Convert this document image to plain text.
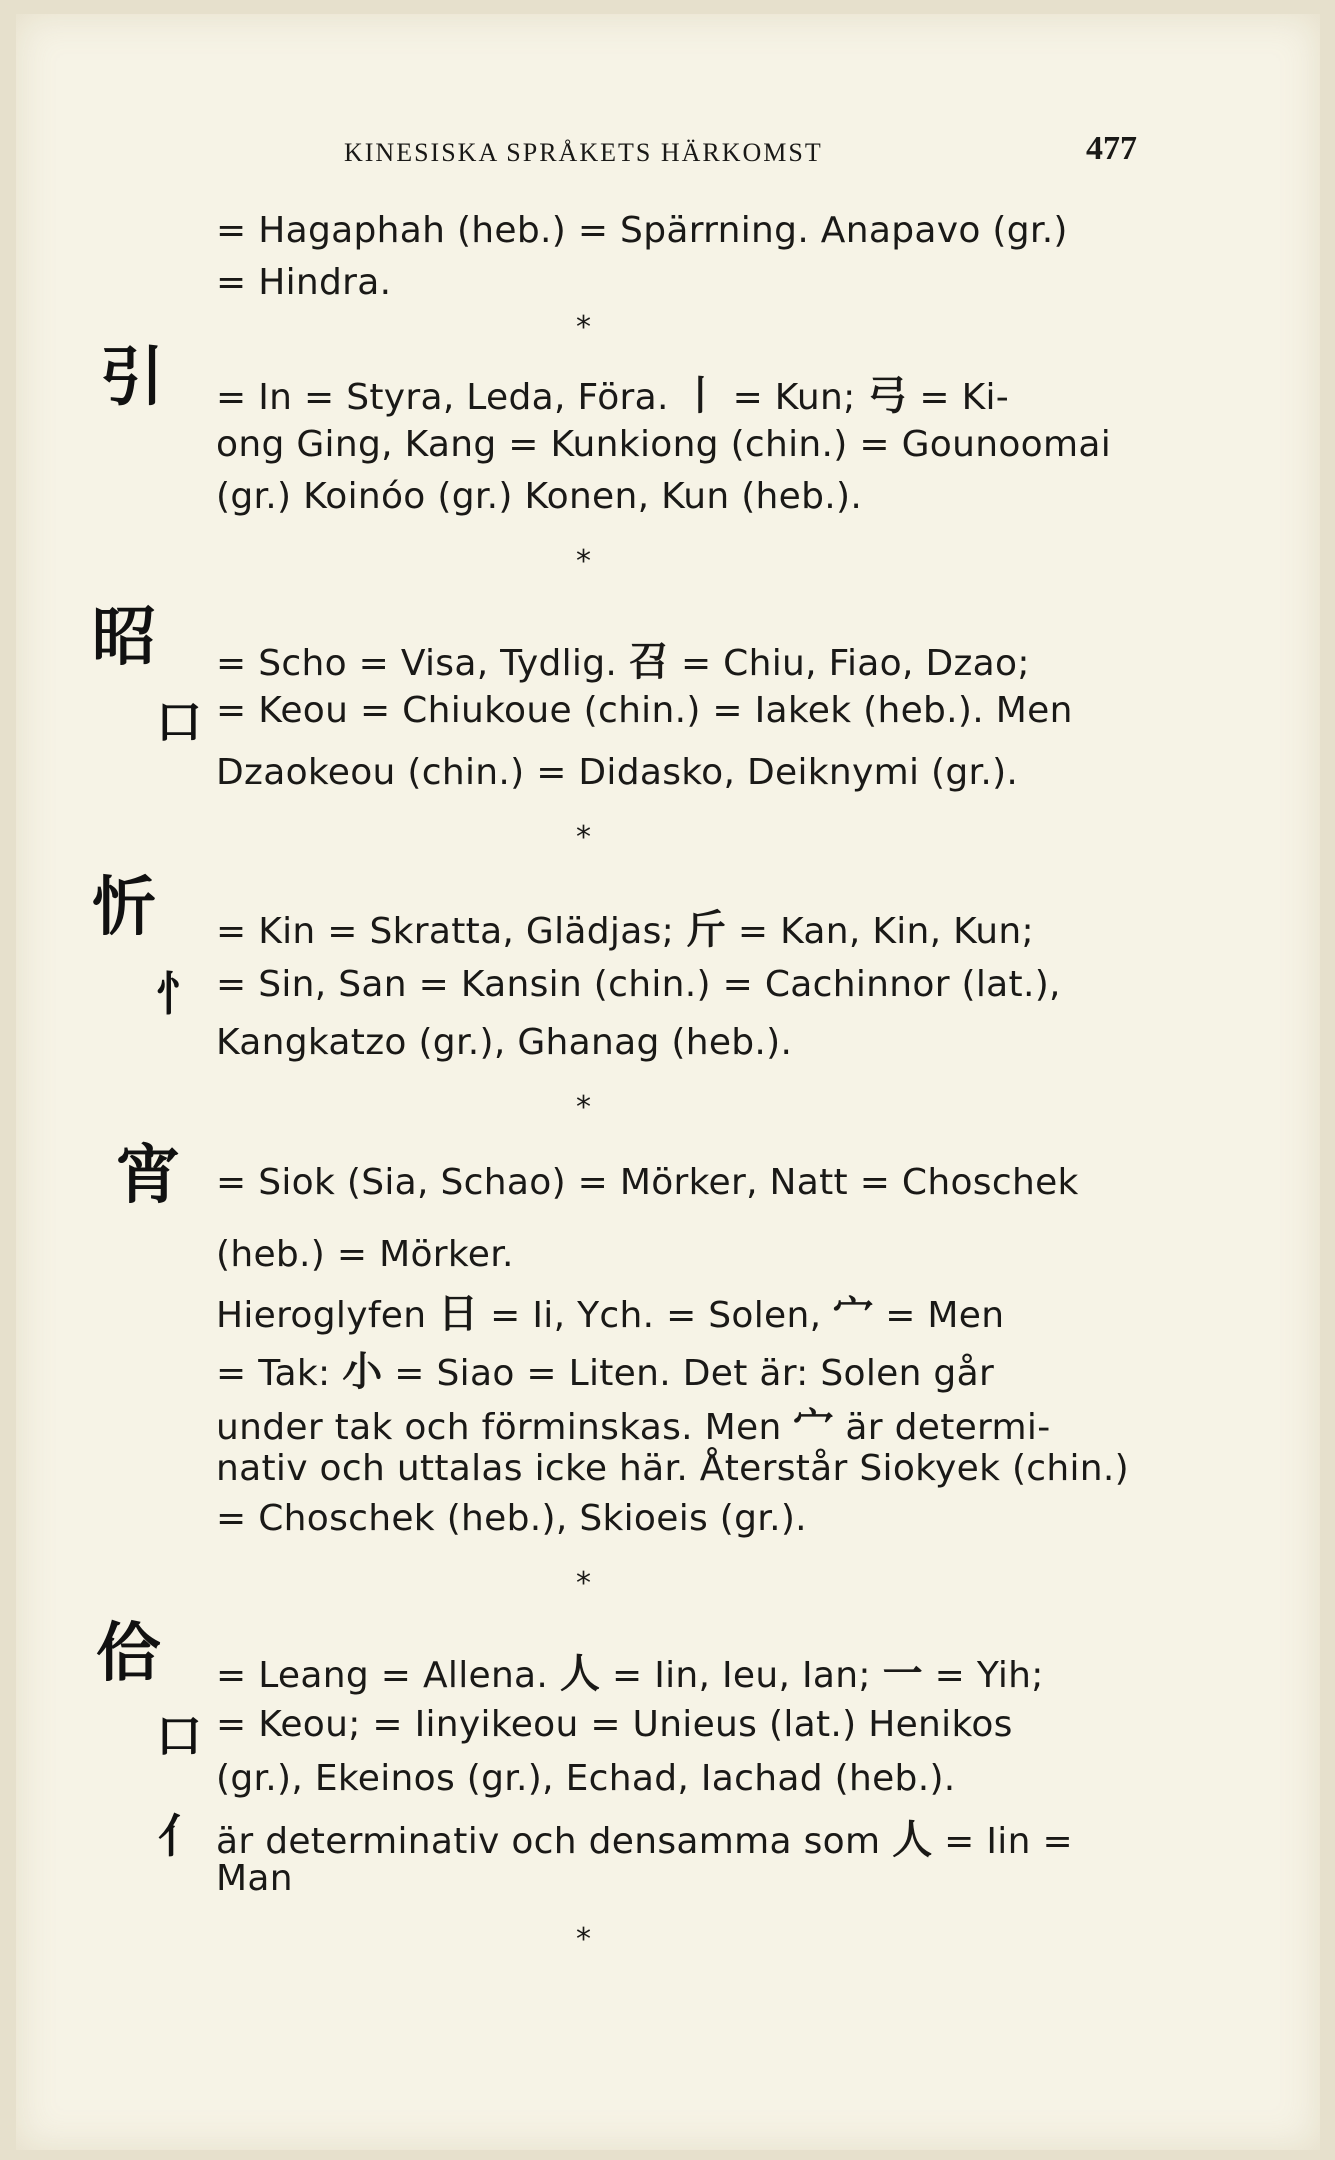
KINESISKA SPRÅKETS HÄRKOMST	477
= Hagaphah (heb.) = Spärrning. Anapavo (gr.)
= Hindra.
*
引 = In = Styra, Leda, Föra. 丨 = Kun; 弓 = Ki-
ong Ging, Kang = Kunkiong (chin.) = Gounoomai
(gr.) Koinóo (gr.) Konen, Kun (heb.).
*
昭 = Scho = Visa, Tydlig. 召 = Chiu, Fiao, Dzao;
口 = Keou = Chiukoue (chin.) = Iakek (heb.). Men
Dzaokeou (chin.) = Didasko, Deiknymi (gr.).
*
忻 = Kin = Skratta, Glädjas; 斤 = Kan, Kin, Kun;
忄 = Sin, San = Kansin (chin.) = Cachinnor (lat.),
Kangkatzo (gr.), Ghanag (heb.).
*
宵 = Siok (Sia, Schao) = Mörker, Natt = Choschek
(heb.) = Mörker.
Hieroglyfen 日 = Ii, Ych. = Solen, 宀 = Men
= Tak: 小 = Siao = Liten. Det är: Solen går
under tak och förminskas. Men 宀 är determi-
nativ och uttalas icke här. Återstår Siokyek (chin.)
= Choschek (heb.), Skioeis (gr.).
*
佮 = Leang = Allena. 人 = Iin, Ieu, Ian; 一 = Yih;
口 = Keou; = Iinyikeou = Unieus (lat.) Henikos
(gr.), Ekeinos (gr.), Echad, Iachad (heb.).
亻 är determinativ och densamma som 人 = Iin =
Man
*
